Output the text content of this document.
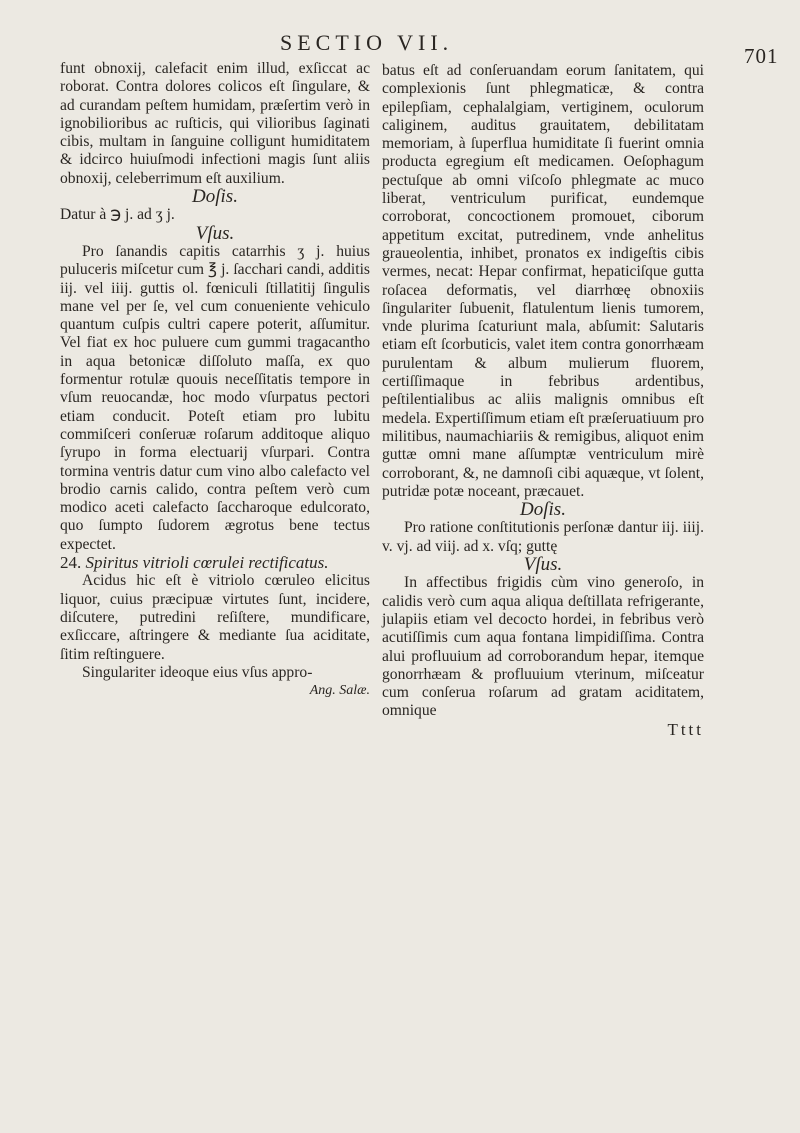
SECTIO VII.
701

funt obnoxij, calefacit enim illud, exſiccat ac roborat. Contra dolores colicos eſt ſingulare, & ad curandam peſtem humidam, præſertim verò in ignobilioribus ac ruſticis, qui vilioribus ſaginati cibis, multam in ſanguine colligunt humiditatem & idcirco huiuſmodi infectioni magis ſunt aliis obnoxij, celeberrimum eſt auxilium.

Doſis.

Datur à ℈ j. ad ʒ j.

Vſus.

Pro ſanandis capitis catarrhis ʒ j. huius puluceris miſcetur cum ℥ j. ſacchari candi, additis iij. vel iiij. guttis ol. fœniculi ſtillatitij ſingulis mane vel per ſe, vel cum conueniente vehiculo quantum cuſpis cultri capere poterit, aſſumitur. Vel fiat ex hoc puluere cum gummi tragacantho in aqua betonicæ diſſoluto maſſa, ex quo formentur rotulæ quouis neceſſitatis tempore in vſum reuocandæ, hoc modo vſurpatus pectori etiam conducit. Poteſt etiam pro lubitu commiſceri conſeruæ roſarum additoque aliquo ſyrupo in forma electuarij vſurpari. Contra tormina ventris datur cum vino albo calefacto vel brodio carnis calido, contra peſtem verò cum modico aceti calefacto ſaccharoque edulcorato, quo ſumpto ſudorem ægrotus bene tectus expectet.

24. Spiritus vitrioli cœrulei rectificatus.

Acidus hic eſt è vitriolo cœruleo elicitus liquor, cuius præcipuæ virtutes ſunt, incidere, diſcutere, putredini reſiſtere, mundificare, exſiccare, aſtringere & mediante ſua aciditate, ſitim reſtinguere.

Singulariter ideoque eius vſus appro-

Ang. Salæ.

batus eſt ad conſeruandam eorum ſanitatem, qui complexionis ſunt phlegmaticæ, & contra epilepſiam, cephalalgiam, vertiginem, oculorum caliginem, auditus grauitatem, debilitatam memoriam, à ſuperflua humiditate ſi fuerint omnia producta egregium eſt medicamen. Oeſophagum pectuſque ab omni viſcoſo phlegmate ac muco liberat, ventriculum purificat, eundemque corroborat, concoctionem promouet, ciborum appetitum excitat, putredinem, vnde anhelitus graueolentia, inhibet, pronatos ex indigeſtis cibis vermes, necat: Hepar confirmat, hepaticiſque gutta roſacea deformatis, vel diarrhœę obnoxiis ſingulariter ſubuenit, flatulentum lienis tumorem, vnde plurima ſcaturiunt mala, abſumit: Salutaris etiam eſt ſcorbuticis, valet item contra gonorrhæam purulentam & album mulierum fluorem, certiſſimaque in febribus ardentibus, peſtilentialibus ac aliis malignis omnibus eſt medela. Expertiſſimum etiam eſt præſeruatiuum pro militibus, naumachiariis & remigibus, aliquot enim guttæ omni mane aſſumptæ ventriculum mirè corroborant, &, ne damnoſi cibi aquæque, vt ſolent, putridæ potæ noceant, præcauet.

Doſis.

Pro ratione conſtitutionis perſonæ dantur iij. iiij. v. vj. ad viij. ad x. vſq; guttę

Vſus.

In affectibus frigidis cùm vino generoſo, in calidis verò cum aqua aliqua deſtillata refrigerante, julapiis etiam vel decocto hordei, in febribus verò acutiſſimis cum aqua fontana limpidiſſima. Contra alui profluuium ad corroborandum hepar, itemque gonorrhæam & profluuium vterinum, miſceatur cum conſerua roſarum ad gratam aciditatem, omnique

Tttt
